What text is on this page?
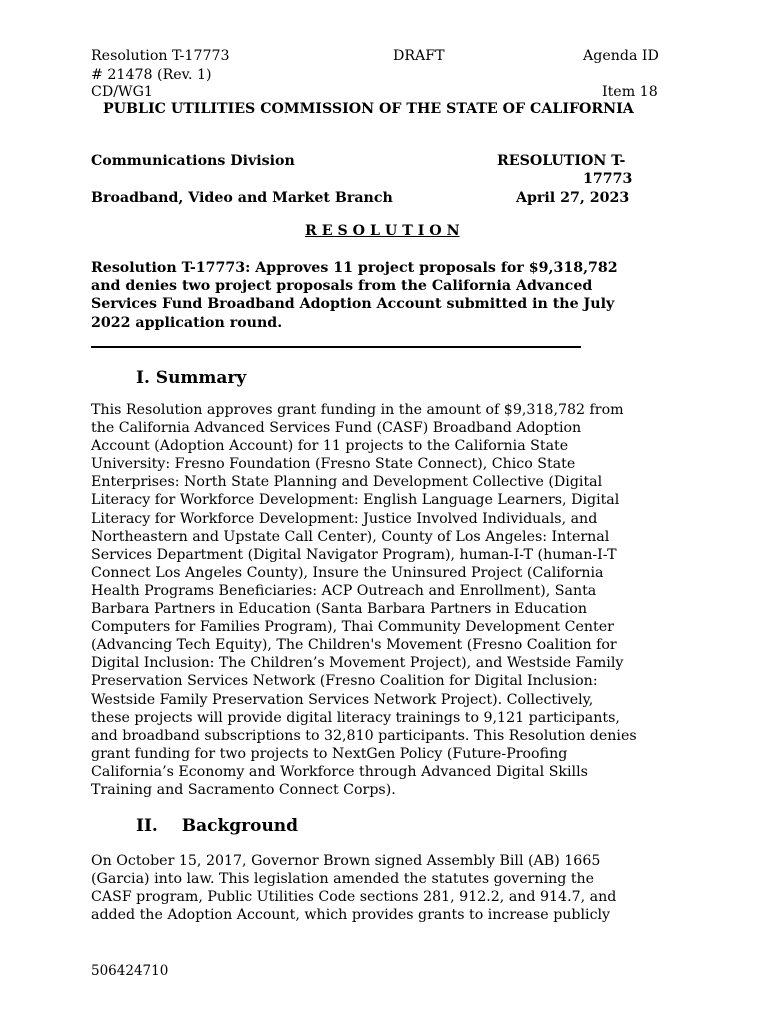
Resolution T-17773	DRAFT	Agenda ID
# 21478 (Rev. 1)
CD/WG1	Item 18
PUBLIC UTILITIES COMMISSION OF THE STATE OF CALIFORNIA
Communications Division
Broadband, Video and Market Branch
RESOLUTION T-
17773
April 27, 2023
R E S O L U T I O N
Resolution T-17773: Approves 11 project proposals for $9,318,782
and denies two project proposals from the California Advanced
Services Fund Broadband Adoption Account submitted in the July
2022 application round.
I. Summary
This Resolution approves grant funding in the amount of $9,318,782 from
the California Advanced Services Fund (CASF) Broadband Adoption
Account (Adoption Account) for 11 projects to the California State
University: Fresno Foundation (Fresno State Connect), Chico State
Enterprises: North State Planning and Development Collective (Digital
Literacy for Workforce Development: English Language Learners, Digital
Literacy for Workforce Development: Justice Involved Individuals, and
Northeastern and Upstate Call Center), County of Los Angeles: Internal
Services Department (Digital Navigator Program), human-I-T (human-I-T
Connect Los Angeles County), Insure the Uninsured Project (California
Health Programs Beneficiaries: ACP Outreach and Enrollment), Santa
Barbara Partners in Education (Santa Barbara Partners in Education
Computers for Families Program), Thai Community Development Center
(Advancing Tech Equity), The Children's Movement (Fresno Coalition for
Digital Inclusion: The Children’s Movement Project), and Westside Family
Preservation Services Network (Fresno Coalition for Digital Inclusion:
Westside Family Preservation Services Network Project). Collectively,
these projects will provide digital literacy trainings to 9,121 participants,
and broadband subscriptions to 32,810 participants. This Resolution denies
grant funding for two projects to NextGen Policy (Future-Proofing
California’s Economy and Workforce through Advanced Digital Skills
Training and Sacramento Connect Corps).
II. Background
On October 15, 2017, Governor Brown signed Assembly Bill (AB) 1665
(Garcia) into law. This legislation amended the statutes governing the
CASF program, Public Utilities Code sections 281, 912.2, and 914.7, and
added the Adoption Account, which provides grants to increase publicly
506424710
